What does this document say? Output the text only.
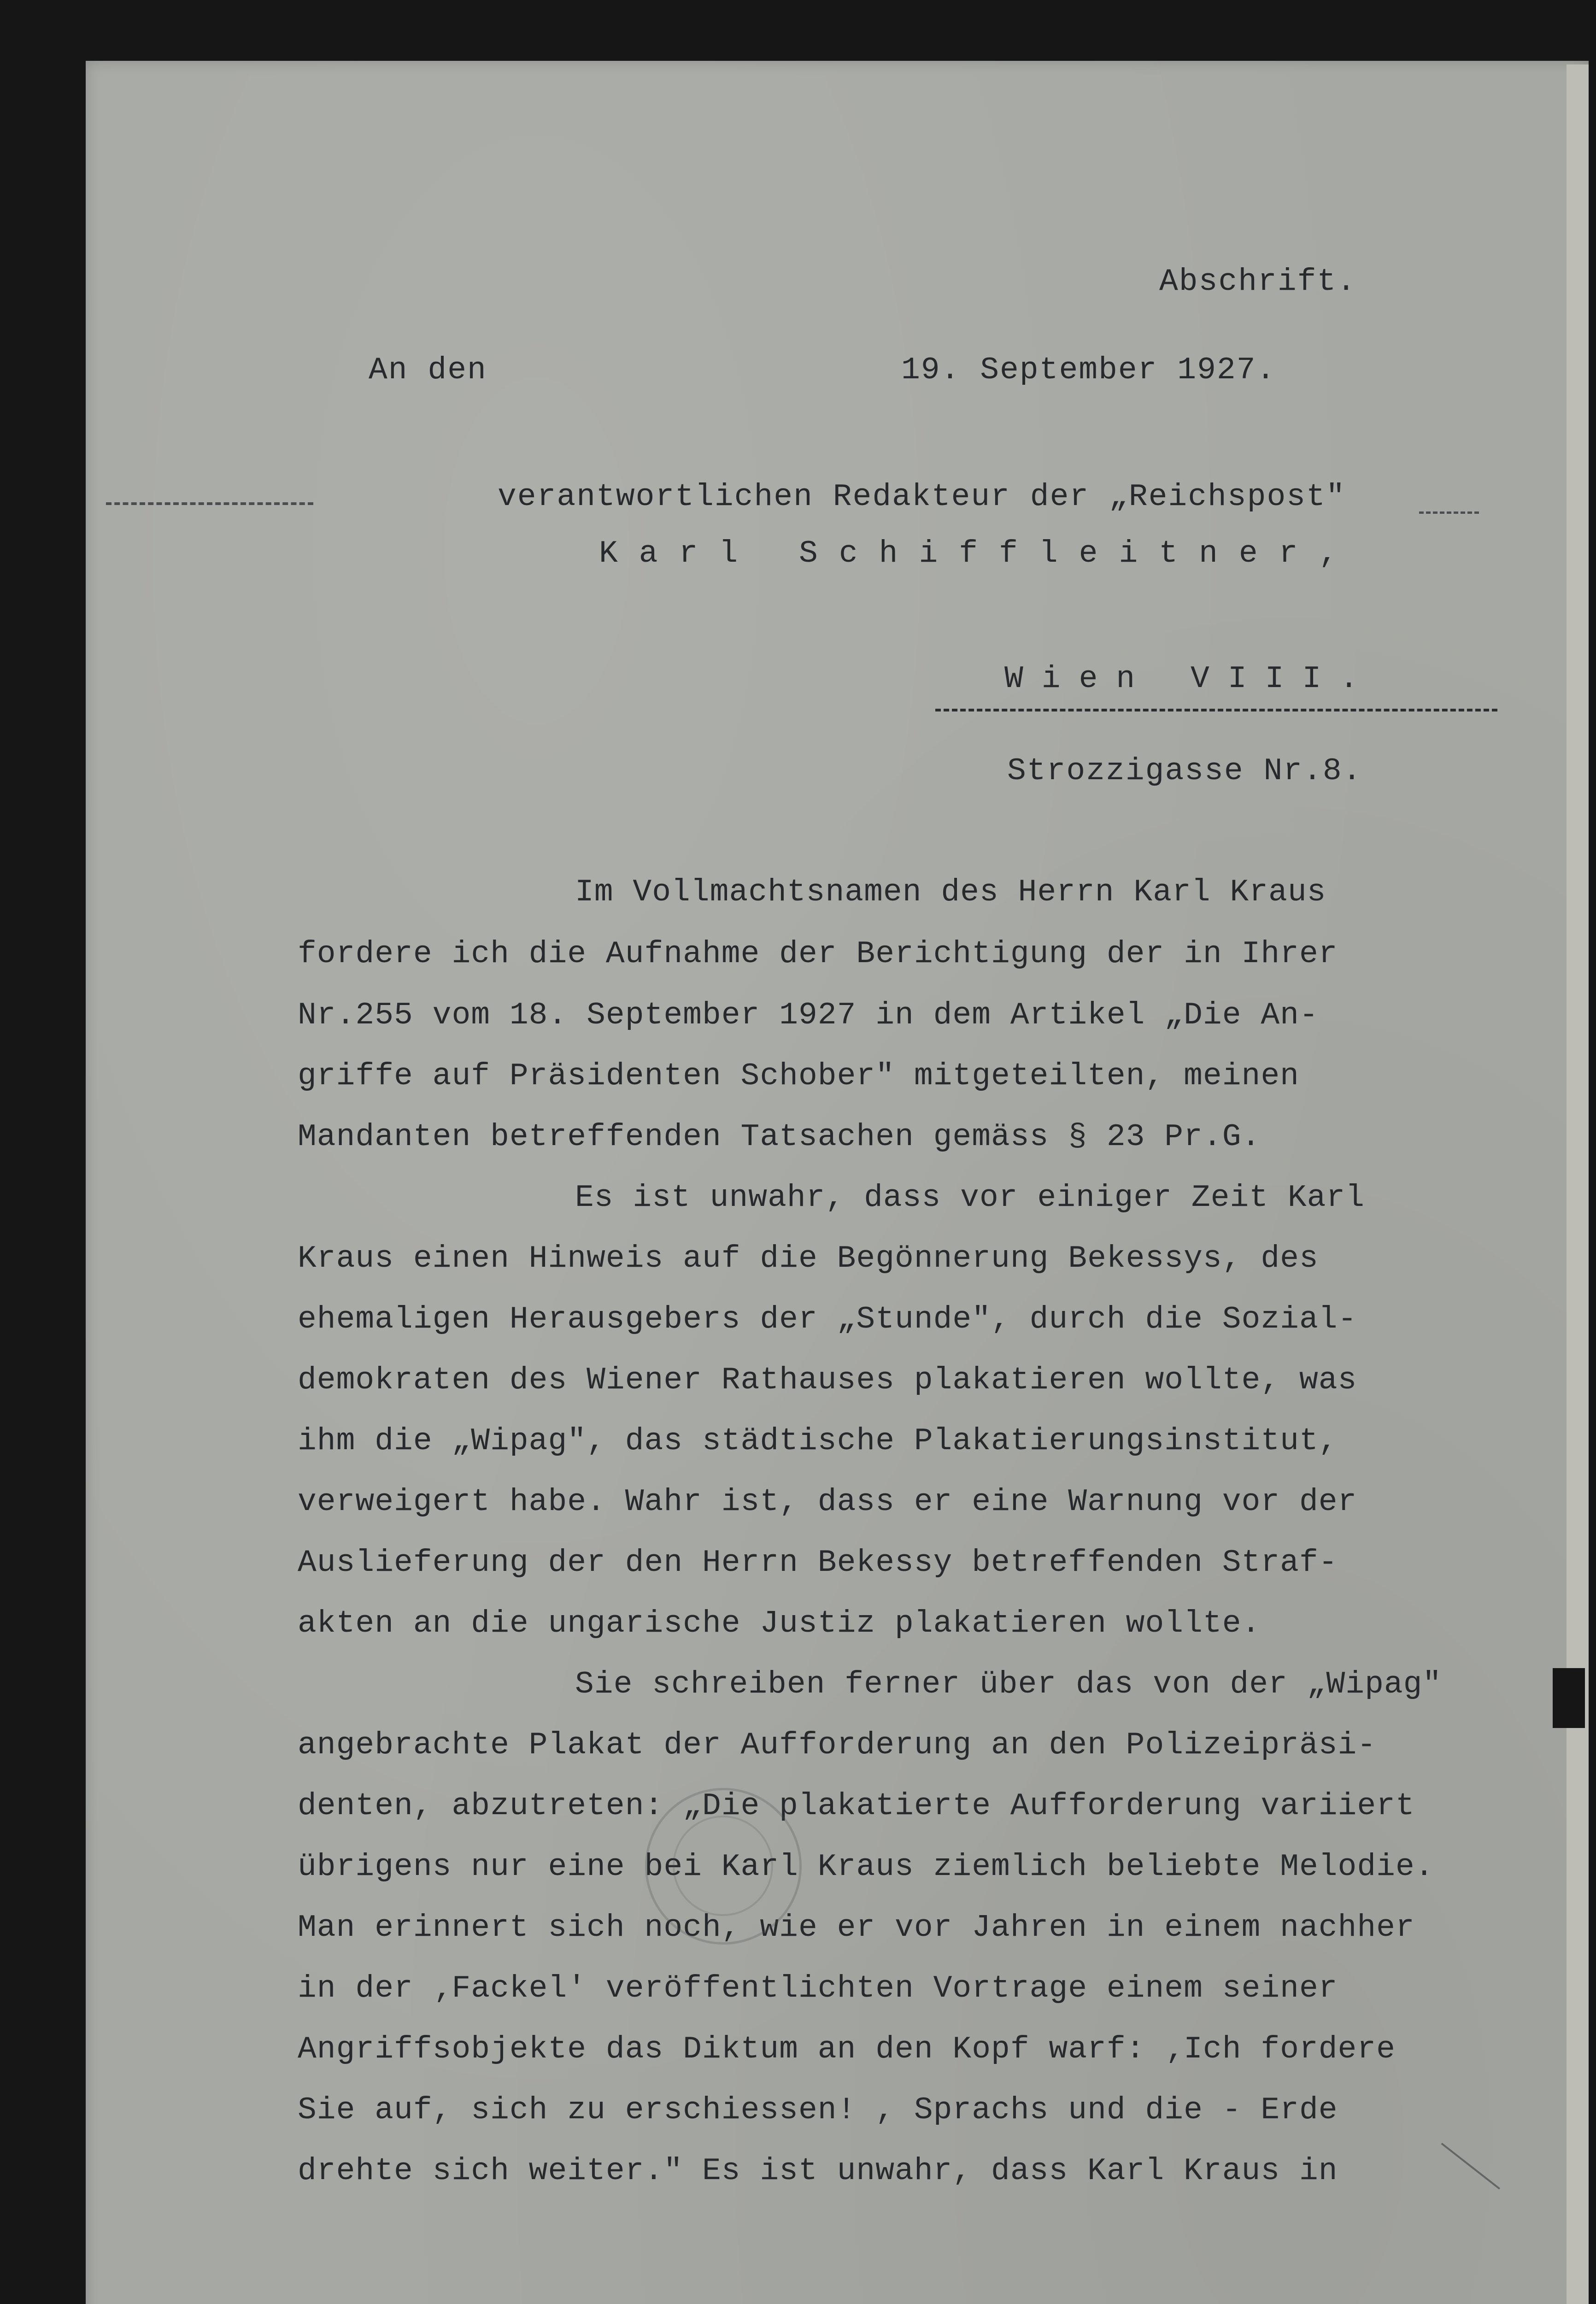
Abschrift.
An den	19. September 1927.
verantwortlichen Redakteur der „Reichspost"
Karl Schiffleitner,
Wien VIII.
Strozzigasse Nr.8.
Im Vollmachtsnamen des Herrn Karl Kraus
fordere ich die Aufnahme der Berichtigung der in Ihrer
Nr.255 vom 18. September 1927 in dem Artikel „Die An-
griffe auf Präsidenten Schober" mitgeteilten, meinen
Mandanten betreffenden Tatsachen gemäss § 23 Pr.G.
Es ist unwahr, dass vor einiger Zeit Karl
Kraus einen Hinweis auf die Begönnerung Bekessys, des
ehemaligen Herausgebers der „Stunde", durch die Sozial-
demokraten des Wiener Rathauses plakatieren wollte, was
ihm die „Wipag", das städtische Plakatierungsinstitut,
verweigert habe. Wahr ist, dass er eine Warnung vor der
Auslieferung der den Herrn Bekessy betreffenden Straf-
akten an die ungarische Justiz plakatieren wollte.
Sie schreiben ferner über das von der „Wipag"
angebrachte Plakat der Aufforderung an den Polizeipräsi-
denten, abzutreten: „Die plakatierte Aufforderung variiert
übrigens nur eine bei Karl Kraus ziemlich beliebte Melodie.
Man erinnert sich noch, wie er vor Jahren in einem nachher
in der ‚Fackel' veröffentlichten Vortrage einem seiner
Angriffsobjekte das Diktum an den Kopf warf: ‚Ich fordere
Sie auf, sich zu erschiessen! , Sprachs und die - Erde
drehte sich weiter." Es ist unwahr, dass Karl Kraus in
